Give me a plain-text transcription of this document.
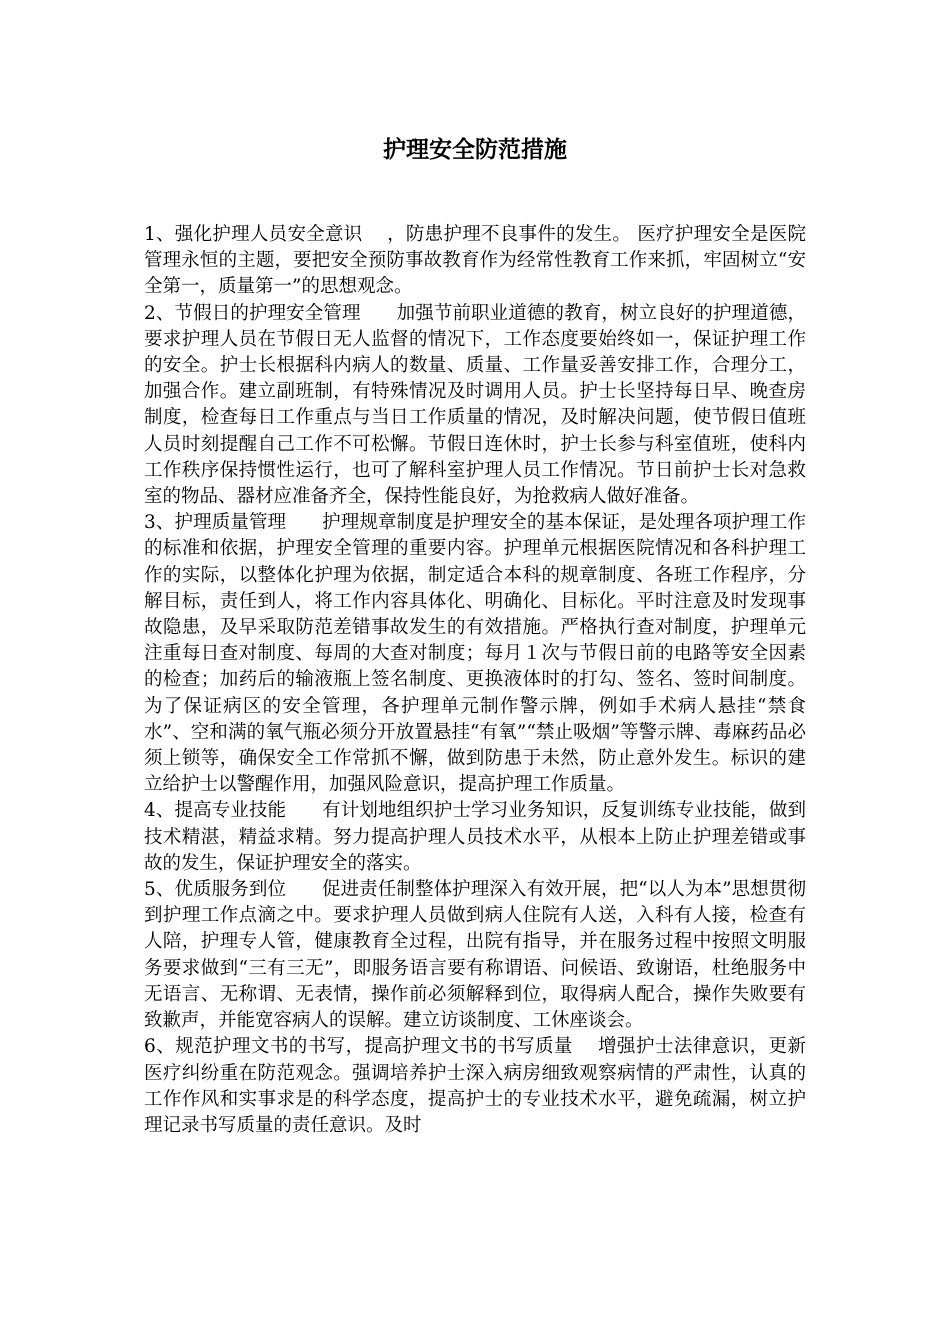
护理安全防范措施

1、强化护理人员安全意识 ，防患护理不良事件的发生。 医疗护理安全是医院管理永恒的主题，要把安全预防事故教育作为经常性教育工作来抓，牢固树立“安全第一，质量第一”的思想观念。

2、节假日的护理安全管理 加强节前职业道德的教育，树立良好的护理道德，要求护理人员在节假日无人监督的情况下，工作态度要始终如一，保证护理工作的安全。护士长根据科内病人的数量、质量、工作量妥善安排工作，合理分工，加强合作。建立副班制，有特殊情况及时调用人员。护士长坚持每日早、晚查房制度，检查每日工作重点与当日工作质量的情况，及时解决问题，使节假日值班人员时刻提醒自己工作不可松懈。节假日连休时，护士长参与科室值班，使科内工作秩序保持惯性运行，也可了解科室护理人员工作情况。节日前护士长对急救室的物品、器材应准备齐全，保持性能良好，为抢救病人做好准备。

3、护理质量管理 护理规章制度是护理安全的基本保证，是处理各项护理工作的标准和依据，护理安全管理的重要内容。护理单元根据医院情况和各科护理工作的实际，以整体化护理为依据，制定适合本科的规章制度、各班工作程序，分解目标，责任到人，将工作内容具体化、明确化、目标化。平时注意及时发现事故隐患，及早采取防范差错事故发生的有效措施。严格执行查对制度，护理单元注重每日查对制度、每周的大查对制度；每月１次与节假日前的电路等安全因素的检查；加药后的输液瓶上签名制度、更换液体时的打勾、签名、签时间制度。为了保证病区的安全管理，各护理单元制作警示牌，例如手术病人悬挂“禁食水”、空和满的氧气瓶必须分开放置悬挂“有氧”“禁止吸烟”等警示牌、毒麻药品必须上锁等，确保安全工作常抓不懈，做到防患于未然，防止意外发生。标识的建立给护士以警醒作用，加强风险意识，提高护理工作质量。

4、提高专业技能 有计划地组织护士学习业务知识，反复训练专业技能，做到技术精湛，精益求精。努力提高护理人员技术水平，从根本上防止护理差错或事故的发生，保证护理安全的落实。

5、优质服务到位 促进责任制整体护理深入有效开展，把“以人为本”思想贯彻到护理工作点滴之中。要求护理人员做到病人住院有人送，入科有人接，检查有人陪，护理专人管，健康教育全过程，出院有指导，并在服务过程中按照文明服务要求做到“三有三无”，即服务语言要有称谓语、问候语、致谢语，杜绝服务中无语言、无称谓、无表情，操作前必须解释到位，取得病人配合，操作失败要有致歉声，并能宽容病人的误解。建立访谈制度、工休座谈会。

6、规范护理文书的书写，提高护理文书的书写质量 增强护士法律意识，更新医疗纠纷重在防范观念。强调培养护士深入病房细致观察病情的严肃性，认真的工作作风和实事求是的科学态度，提高护士的专业技术水平，避免疏漏，树立护理记录书写质量的责任意识。及时
